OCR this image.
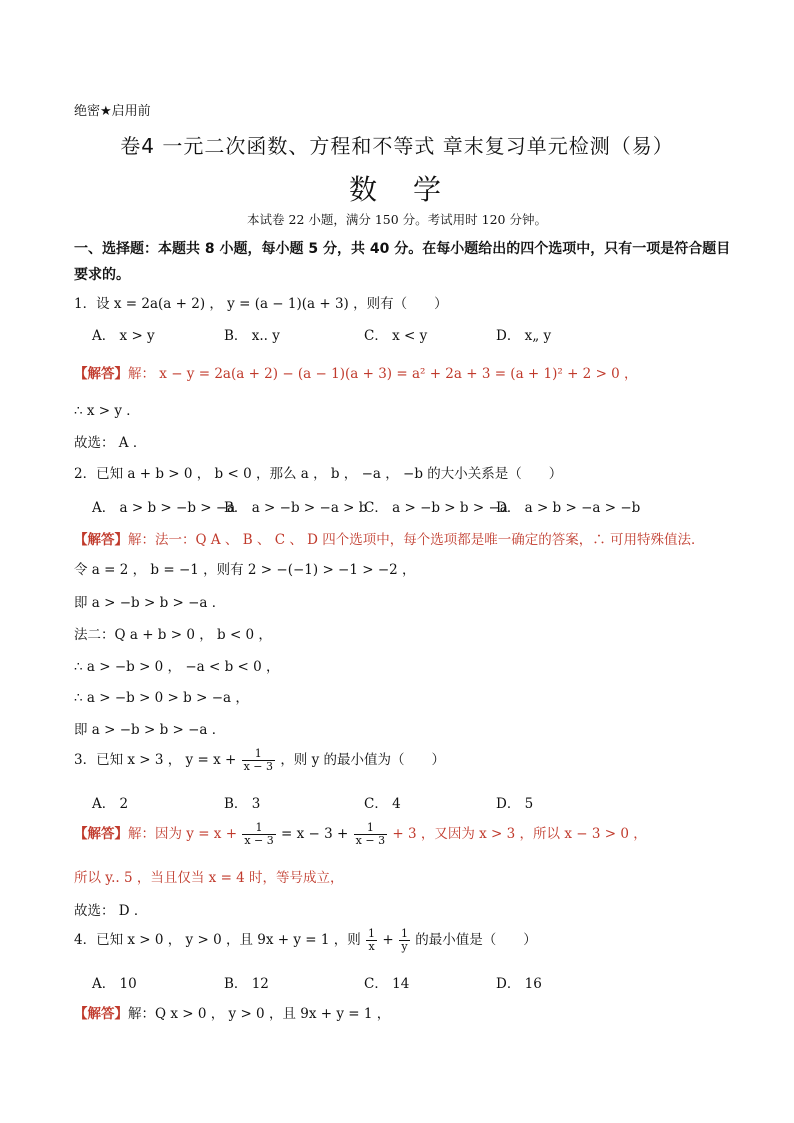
绝密★启用前
卷4 一元二次函数、方程和不等式 章末复习单元检测（易）
数　学
本试卷 22 小题，满分 150 分。考试用时 120 分钟。
一、选择题：本题共 8 小题，每小题 5 分，共 40 分。在每小题给出的四个选项中，只有一项是符合题目要求的。
1．设 x = 2a(a + 2) ， y = (a − 1)(a + 3) ，则有（　　）
A． x > y	B． x.. y	C． x < y	D． x„ y
【解答】解： x − y = 2a(a + 2) − (a − 1)(a + 3) = a² + 2a + 3 = (a + 1)² + 2 > 0 ，
∴ x > y ．
故选： A ．
2．已知 a + b > 0 ， b < 0 ，那么 a ， b ， −a ， −b 的大小关系是（　　）
A． a > b > −b > −a
B． a > −b > −a > b
C． a > −b > b > −a
D． a > b > −a > −b
【解答】解：法一：Q A 、 B 、 C 、 D 四个选项中，每个选项都是唯一确定的答案，∴ 可用特殊值法．
令 a = 2 ， b = −1 ，则有 2 > −(−1) > −1 > −2 ，
即 a > −b > b > −a ．
法二：Q a + b > 0 ， b < 0 ，
∴ a > −b > 0 ， −a < b < 0 ，
∴ a > −b > 0 > b > −a ，
即 a > −b > b > −a ．
3．已知 x > 3 ， $y = x + \frac{1}{x - 3}$ ，则 y 的最小值为（　　）
A． 2	B． 3	C． 4	D． 5
【解答】解：因为 $y = x + \frac{1}{x - 3} = x - 3 + \frac{1}{x - 3} + 3$ ，又因为 x > 3 ，所以 x − 3 > 0 ，
所以 y.. 5 ，当且仅当 x = 4 时，等号成立，
故选： D ．
4．已知 x > 0 ， y > 0 ，且 9x + y = 1 ，则 $\frac{1}{x} + \frac{1}{y}$ 的最小值是（　　）
A． 10	B． 12	C． 14	D． 16
【解答】解：Q x > 0 ， y > 0 ，且 9x + y = 1 ，
